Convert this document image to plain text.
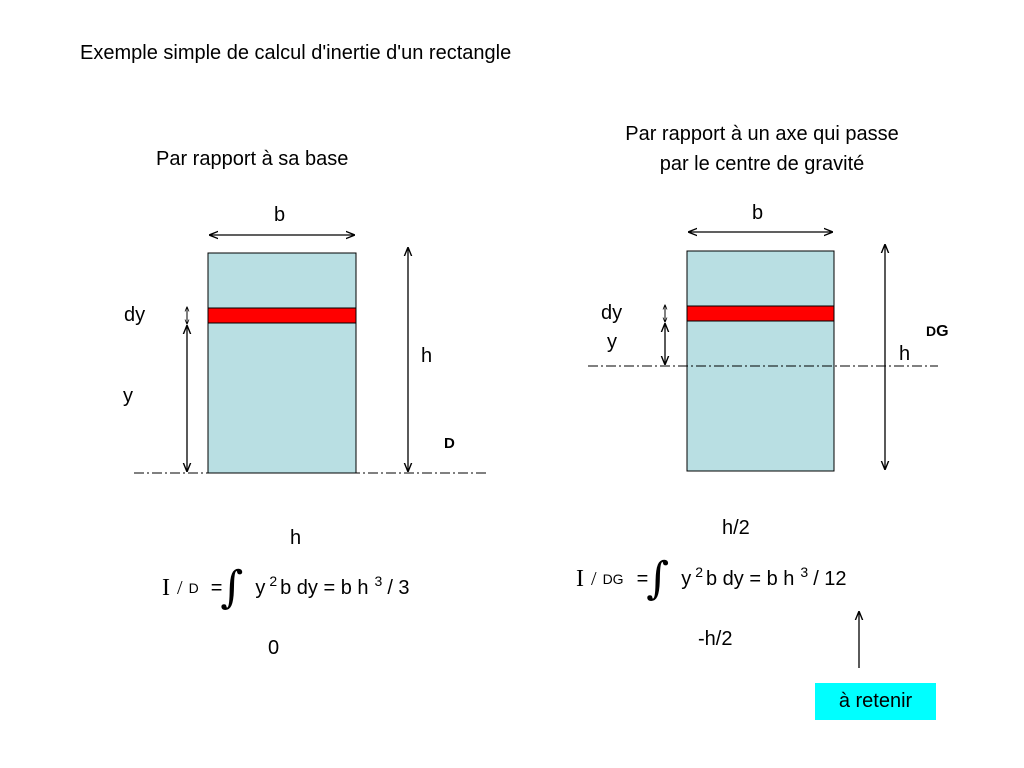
Exemple simple de calcul d'inertie d'un rectangle
Par rapport à sa base
b
dy
y
h
D
h
0
I / D =
∫ y 2 b dy = b h 3 / 3
Par rapport à un axe qui passe
par le centre de gravité
b
dy
y
h
DG
h/2
-h/2
I / DG =
∫ y 2 b dy = b h 3 / 12
à retenir
